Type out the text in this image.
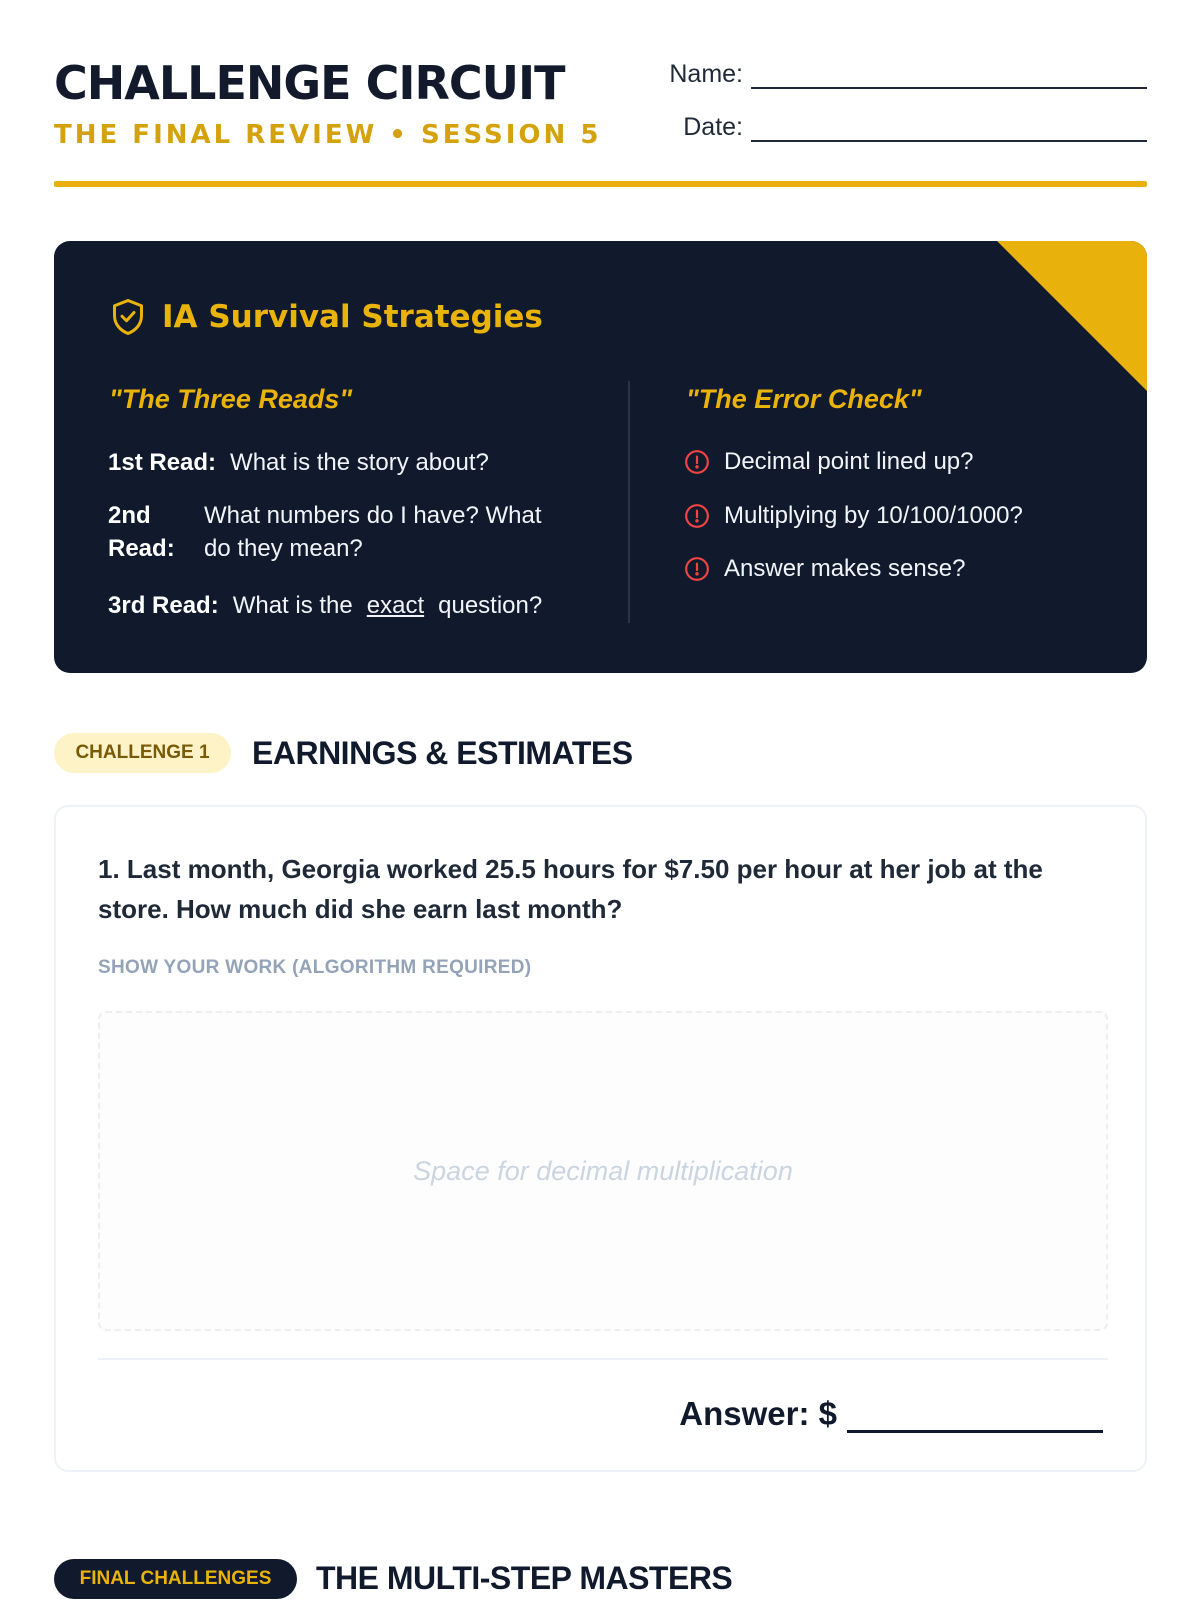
CHALLENGE CIRCUIT
THE FINAL REVIEW • SESSION 5
Name:
Date:
IA Survival Strategies
"The Three Reads"	"The Error Check"
1st Read: What is the story about?
2nd Read:
What numbers do I have? What do they mean?
3rd Read: What is the exact question?
Decimal point lined up?
Multiplying by 10/100/1000?
Answer makes sense?
CHALLENGE 1	EARNINGS & ESTIMATES
1. Last month, Georgia worked 25.5 hours for $7.50 per hour at her job at the store. How much did she earn last month?
SHOW YOUR WORK (ALGORITHM REQUIRED)
Space for decimal multiplication
Answer: $
FINAL CHALLENGES	THE MULTI-STEP MASTERS
